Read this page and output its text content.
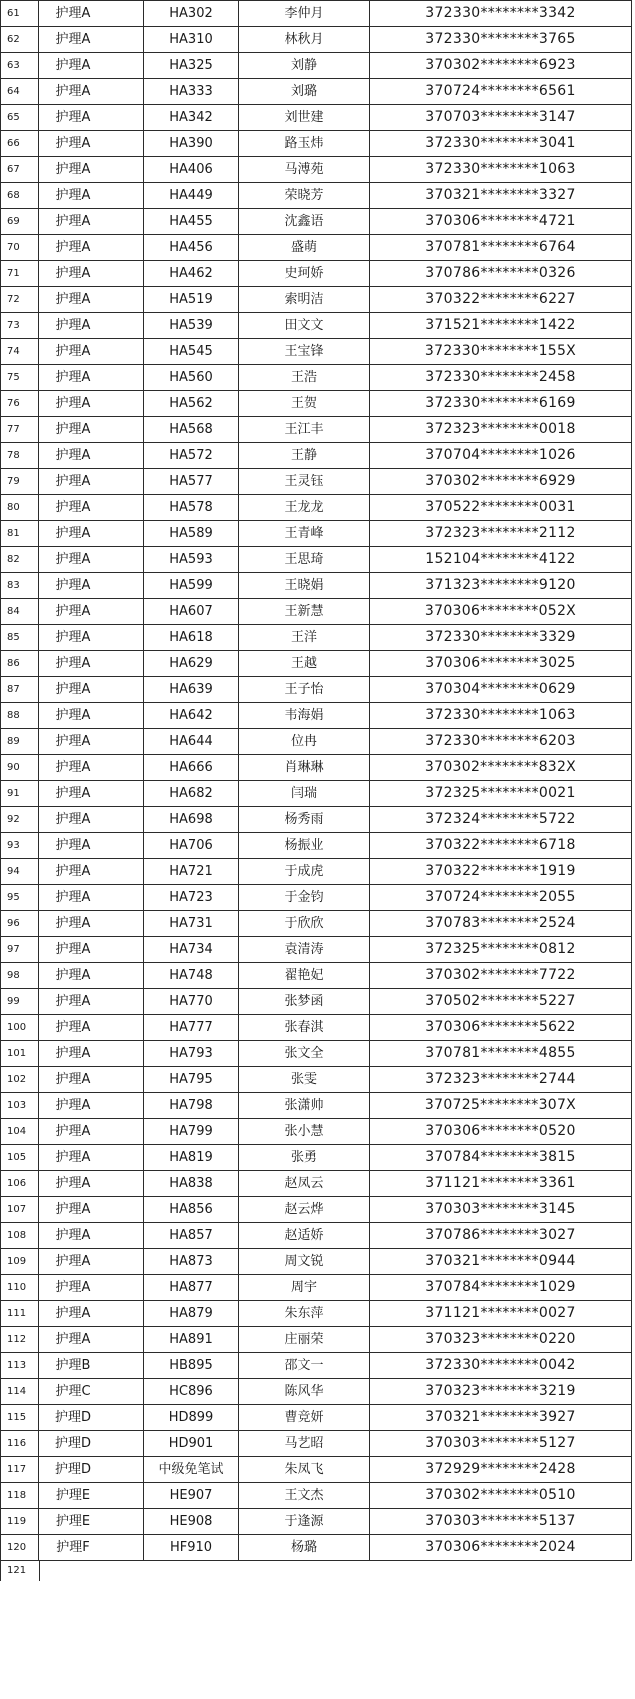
61	护理A	HA302	李仲月	372330********3342
62	护理A	HA310	林秋月	372330********3765
63	护理A	HA325	刘静	370302********6923
64	护理A	HA333	刘璐	370724********6561
65	护理A	HA342	刘世建	370703********3147
66	护理A	HA390	路玉炜	372330********3041
67	护理A	HA406	马溥苑	372330********1063
68	护理A	HA449	荣晓芳	370321********3327
69	护理A	HA455	沈鑫语	370306********4721
70	护理A	HA456	盛萌	370781********6764
71	护理A	HA462	史珂娇	370786********0326
72	护理A	HA519	索明洁	370322********6227
73	护理A	HA539	田文文	371521********1422
74	护理A	HA545	王宝锋	372330********155X
75	护理A	HA560	王浩	372330********2458
76	护理A	HA562	王贺	372330********6169
77	护理A	HA568	王江丰	372323********0018
78	护理A	HA572	王静	370704********1026
79	护理A	HA577	王灵钰	370302********6929
80	护理A	HA578	王龙龙	370522********0031
81	护理A	HA589	王青峰	372323********2112
82	护理A	HA593	王思琦	152104********4122
83	护理A	HA599	王晓娟	371323********9120
84	护理A	HA607	王新慧	370306********052X
85	护理A	HA618	王洋	372330********3329
86	护理A	HA629	王越	370306********3025
87	护理A	HA639	王子怡	370304********0629
88	护理A	HA642	韦海娟	372330********1063
89	护理A	HA644	位冉	372330********6203
90	护理A	HA666	肖琳琳	370302********832X
91	护理A	HA682	闫瑞	372325********0021
92	护理A	HA698	杨秀雨	372324********5722
93	护理A	HA706	杨振业	370322********6718
94	护理A	HA721	于成虎	370322********1919
95	护理A	HA723	于金钧	370724********2055
96	护理A	HA731	于欣欣	370783********2524
97	护理A	HA734	袁清涛	372325********0812
98	护理A	HA748	翟艳妃	370302********7722
99	护理A	HA770	张梦函	370502********5227
100	护理A	HA777	张春淇	370306********5622
101	护理A	HA793	张文全	370781********4855
102	护理A	HA795	张雯	372323********2744
103	护理A	HA798	张潇帅	370725********307X
104	护理A	HA799	张小慧	370306********0520
105	护理A	HA819	张勇	370784********3815
106	护理A	HA838	赵凤云	371121********3361
107	护理A	HA856	赵云烨	370303********3145
108	护理A	HA857	赵适娇	370786********3027
109	护理A	HA873	周文锐	370321********0944
110	护理A	HA877	周宇	370784********1029
111	护理A	HA879	朱东萍	371121********0027
112	护理A	HA891	庄丽荣	370323********0220
113	护理B	HB895	邵文一	372330********0042
114	护理C	HC896	陈风华	370323********3219
115	护理D	HD899	曹竞妍	370321********3927
116	护理D	HD901	马艺昭	370303********5127
117	护理D	中级免笔试	朱凤飞	372929********2428
118	护理E	HE907	王文杰	370302********0510
119	护理E	HE908	于逢源	370303********5137
120	护理F	HF910	杨璐	370306********2024
121
